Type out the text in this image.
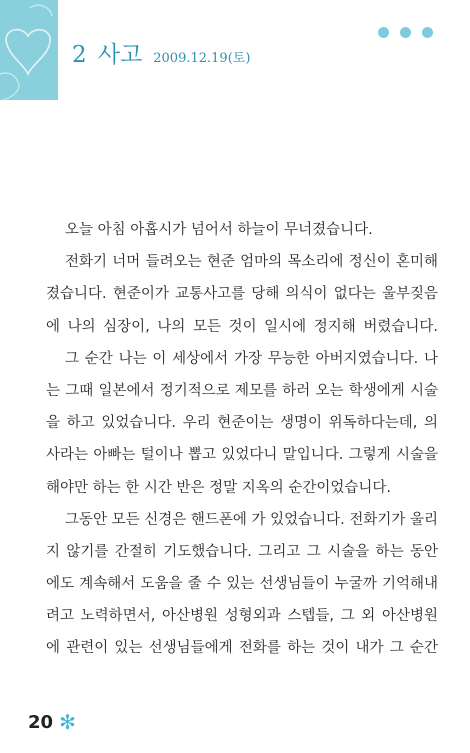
2 사고 2009.12.19(토)
오늘 아침 아홉시가 넘어서 하늘이 무너졌습니다.
전화기 너머 들려오는 현준 엄마의 목소리에 정신이 혼미해
졌습니다. 현준이가 교통사고를 당해 의식이 없다는 울부짖음
에 나의 심장이, 나의 모든 것이 일시에 정지해 버렸습니다.
그 순간 나는 이 세상에서 가장 무능한 아버지였습니다. 나
는 그때 일본에서 정기적으로 제모를 하러 오는 학생에게 시술
을 하고 있었습니다. 우리 현준이는 생명이 위독하다는데, 의
사라는 아빠는 털이나 뽑고 있었다니 말입니다. 그렇게 시술을
해야만 하는 한 시간 반은 정말 지옥의 순간이었습니다.
그동안 모든 신경은 핸드폰에 가 있었습니다. 전화기가 울리
지 않기를 간절히 기도했습니다. 그리고 그 시술을 하는 동안
에도 계속해서 도움을 줄 수 있는 선생님들이 누굴까 기억해내
려고 노력하면서, 아산병원 성형외과 스텝들, 그 외 아산병원
에 관련이 있는 선생님들에게 전화를 하는 것이 내가 그 순간
20 ✻
